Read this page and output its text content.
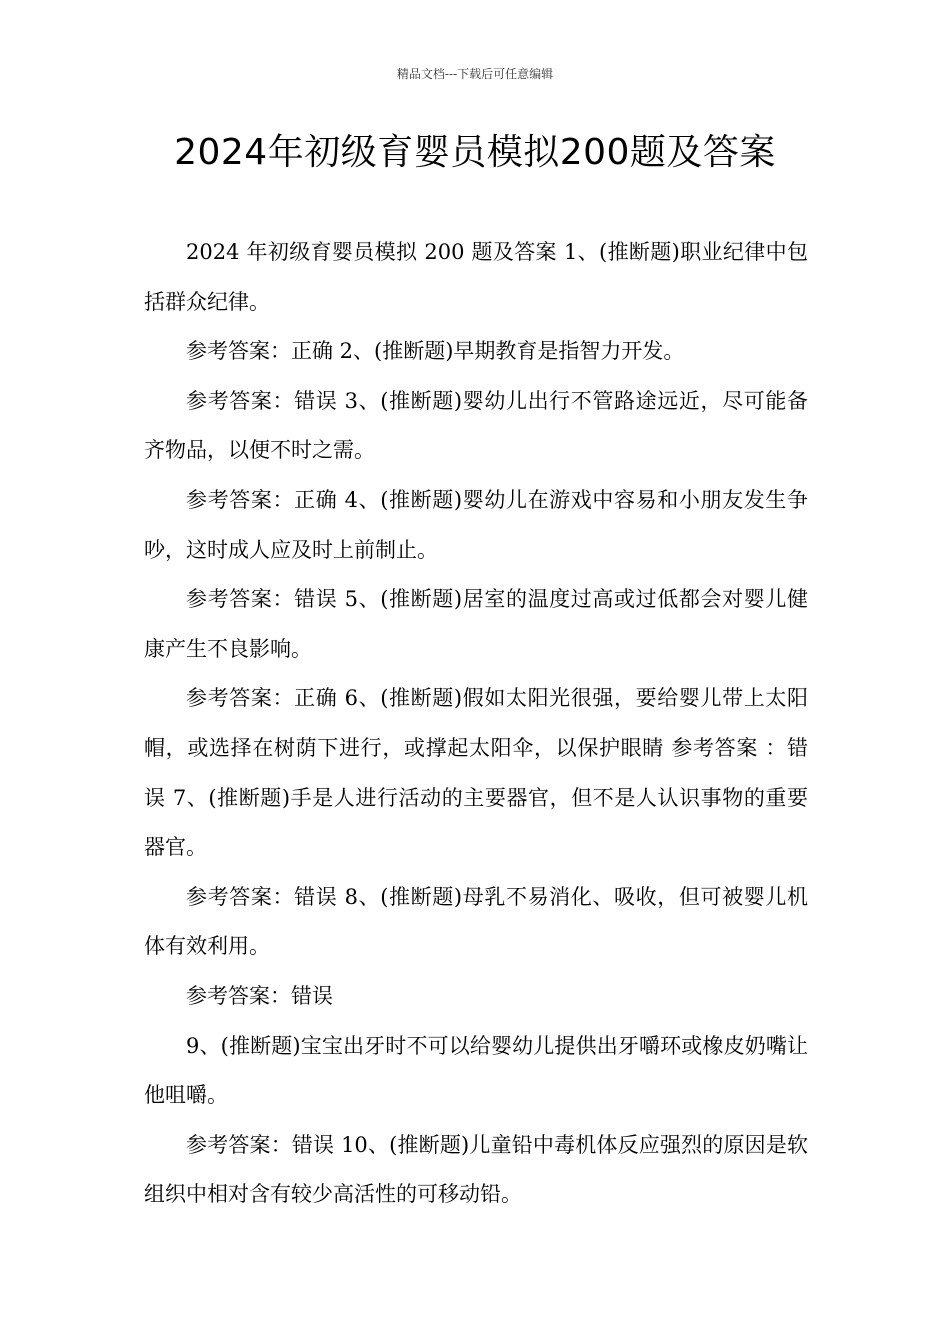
精品文档---下载后可任意编辑
2024年初级育婴员模拟200题及答案

2024 年初级育婴员模拟 200 题及答案 1、(推断题)职业纪律中包括群众纪律。

参考答案：正确 2、(推断题)早期教育是指智力开发。

参考答案：错误 3、(推断题)婴幼儿出行不管路途远近，尽可能备齐物品，以便不时之需。

参考答案：正确 4、(推断题)婴幼儿在游戏中容易和小朋友发生争吵，这时成人应及时上前制止。

参考答案：错误 5、(推断题)居室的温度过高或过低都会对婴儿健康产生不良影响。

参考答案：正确 6、(推断题)假如太阳光很强，要给婴儿带上太阳帽，或选择在树荫下进行，或撑起太阳伞，以保护眼睛 参考答案 ：错误 7、(推断题)手是人进行活动的主要器官，但不是人认识事物的重要器官。

参考答案：错误 8、(推断题)母乳不易消化、吸收，但可被婴儿机体有效利用。

参考答案：错误

9、(推断题)宝宝出牙时不可以给婴幼儿提供出牙嚼环或橡皮奶嘴让他咀嚼。

参考答案：错误 10、(推断题)儿童铅中毒机体反应强烈的原因是软组织中相对含有较少高活性的可移动铅。
